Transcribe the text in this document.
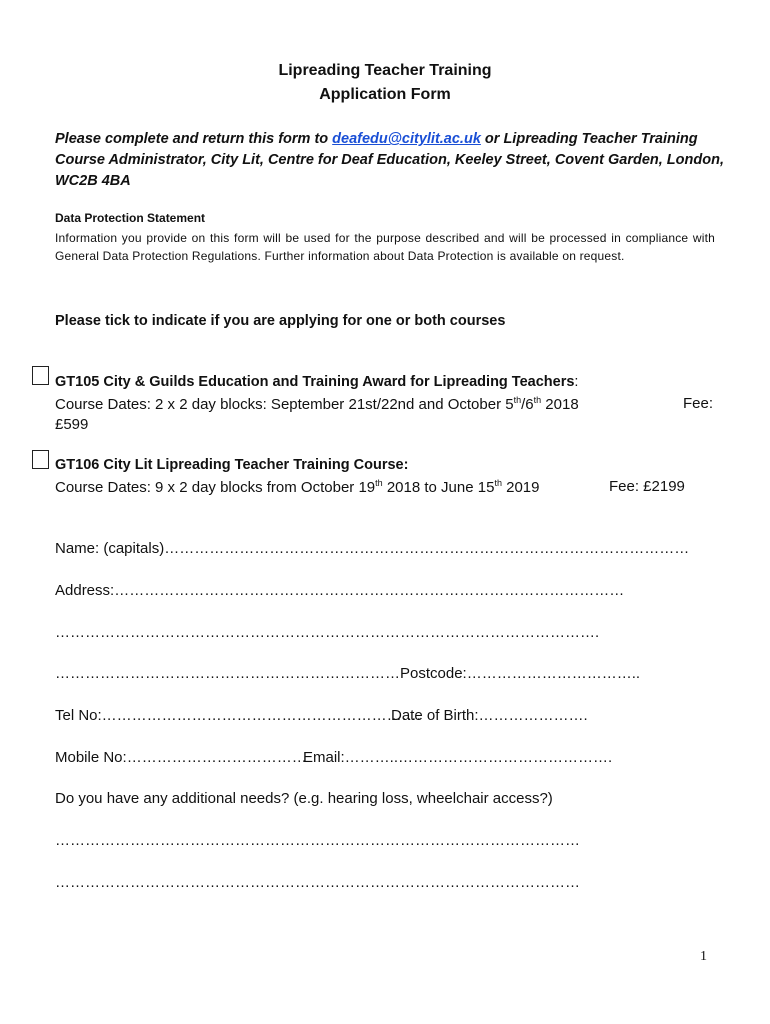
Lipreading Teacher Training
Application Form
Please complete and return this form to deafedu@citylit.ac.uk or Lipreading Teacher Training Course Administrator, City Lit, Centre for Deaf Education, Keeley Street, Covent Garden, London, WC2B 4BA
Data Protection Statement
Information you provide on this form will be used for the purpose described and will be processed in compliance with General Data Protection Regulations. Further information about Data Protection is available on request.
Please tick to indicate if you are applying for one or both courses
GT105 City & Guilds Education and Training Award for Lipreading Teachers:
Course Dates: 2 x 2 day blocks: September 21st/22nd and October 5th/6th 2018	Fee:
£599
GT106 City Lit Lipreading Teacher Training Course:
Course Dates: 9 x 2 day blocks from October 19th 2018 to June 15th 2019	Fee: £2199
Name: (capitals)……………………………………………………………………………………………
Address:…………………………………………………………………………………………
……………………………………………………………………………………………….
……………………………………………………………Postcode:……………………………..
Tel No:……………………………………………………….
Date of Birth:………………….
Mobile No:………………………………
Email:………..…………………………………….
Do you have any additional needs? (e.g. hearing loss, wheelchair access?)
……………………………………………………………………………………………
……………………………………………………………………………………………
1
